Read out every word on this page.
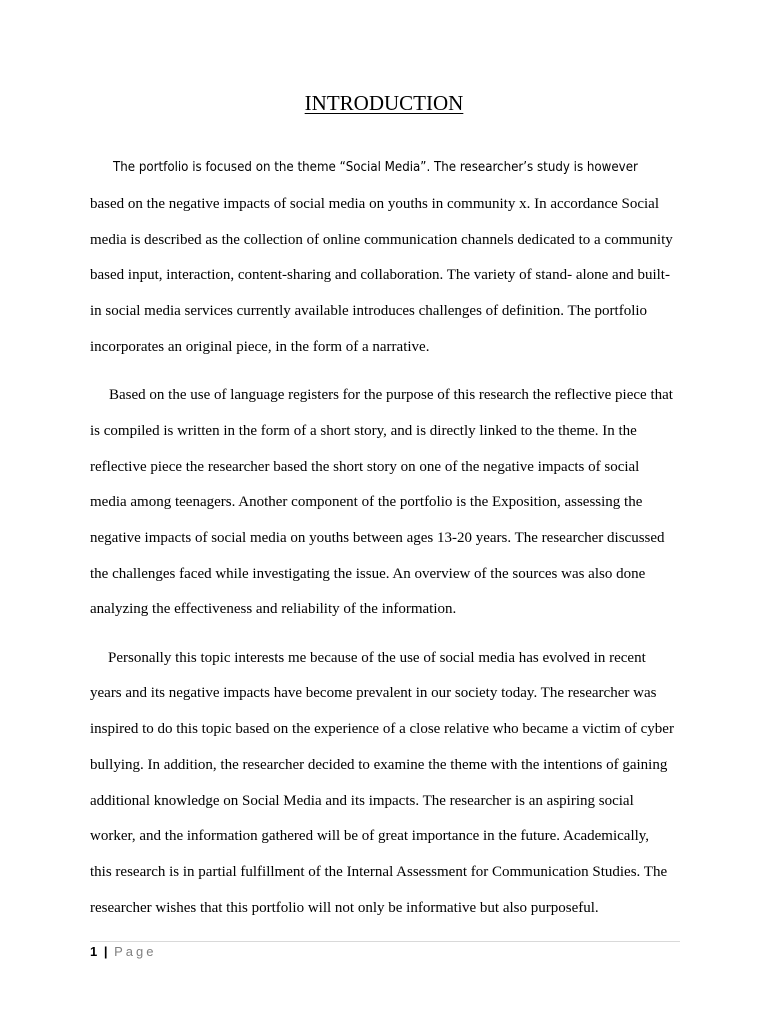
INTRODUCTION
The portfolio is focused on the theme “Social Media”. The researcher’s study is however
based on the negative impacts of social media on youths in community x. In accordance Social
media is described as the collection of online communication channels dedicated to a community
based input, interaction, content-sharing and collaboration. The variety of stand- alone and built-
in social media services currently available introduces challenges of definition. The portfolio
incorporates an original piece, in the form of a narrative.
Based on the use of language registers for the purpose of this research the reflective piece that
is compiled is written in the form of a short story, and is directly linked to the theme. In the
reflective piece the researcher based the short story on one of the negative impacts of social
media among teenagers. Another component of the portfolio is the Exposition, assessing the
negative impacts of social media on youths between ages 13-20 years. The researcher discussed
the challenges faced while investigating the issue. An overview of the sources was also done
analyzing the effectiveness and reliability of the information.
Personally this topic interests me because of the use of social media has evolved in recent
years and its negative impacts have become prevalent in our society today. The researcher was
inspired to do this topic based on the experience of a close relative who became a victim of cyber
bullying. In addition, the researcher decided to examine the theme with the intentions of gaining
additional knowledge on Social Media and its impacts. The researcher is an aspiring social
worker, and the information gathered will be of great importance in the future. Academically,
this research is in partial fulfillment of the Internal Assessment for Communication Studies. The
researcher wishes that this portfolio will not only be informative but also purposeful.
1 | Page
